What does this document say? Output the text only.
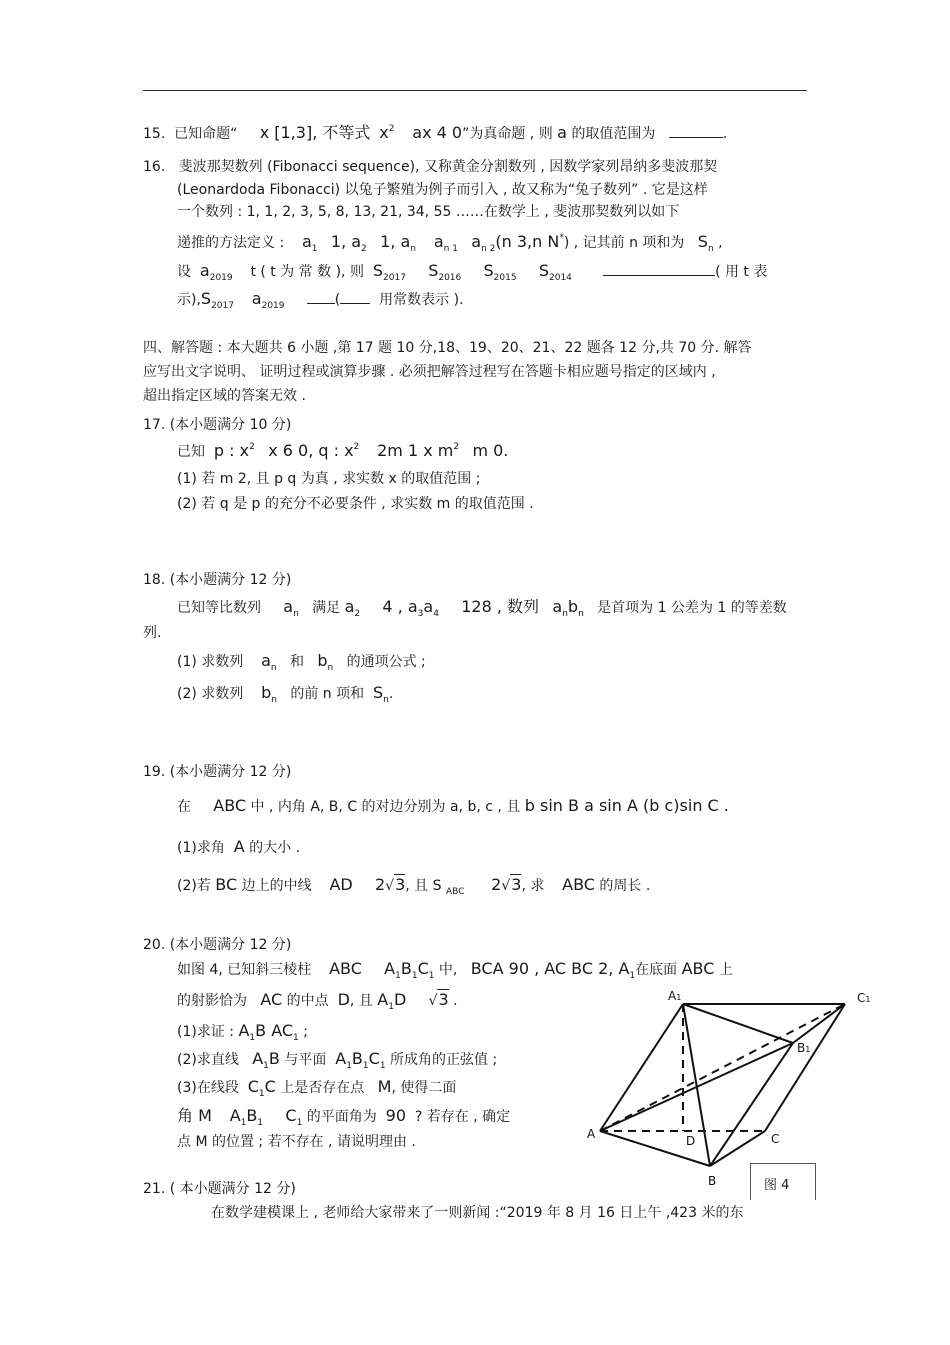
15. 已知命题“ x [1,3], 不等式 $x^2$ ax 4 0”为真命题 , 则 a 的取值范围为	.
16. 斐波那契数列 (Fibonacci sequence), 又称黄金分割数列 , 因数学家列昂纳多斐波那契
(Leonardoda Fibonacci) 以兔子繁殖为例子而引入 , 故又称为“兔子数列” . 它是这样
一个数列 : 1, 1, 2, 3, 5, 8, 13, 21, 34, 55 ……在数学上 , 斐波那契数列以如下
递推的方法定义 : $a_1$ 1, $a_2$ 1, $a_n$ $a_{n 1}$ $a_{n 2}(n$ 3,n N*) , 记其前 n 项和为 $S_n$ ,
设 $a_{2019}$ t ( t 为 常 数 ), 则 $S_{2017}$ $S_{2016}$ $S_{2015}$ $S_{2014}$	( 用 t 表
示)$,S_{2017}$ $a_{2019}$	(	用常数表示 ).
四、解答题 : 本大题共 6 小题 ,第 17 题 10 分,18、19、20、21、22 题各 12 分,共 70 分. 解答
应写出文字说明、 证明过程或演算步骤 . 必须把解答过程写在答题卡相应题号指定的区域内 ,
超出指定区域的答案无效 .
17. (本小题满分 10 分)
已知 p : $x^2$ x 6 0, q : $x^2$ 2m 1 x $m^2$ m 0.
(1) 若 m 2, 且 p q 为真 , 求实数 x 的取值范围 ;
(2) 若 q 是 p 的充分不必要条件 , 求实数 m 的取值范围 .
18. (本小题满分 12 分)
已知等比数列 $a_n$ 满足 $a_2$ 4 , $a_3a_4$ 128 , 数列 $a_nb_n$ 是首项为 1 公差为 1 的等差数
列.
(1) 求数列 $a_n$ 和 $b_n$ 的通项公式 ;
(2) 求数列 $b_n$ 的前 n 项和 $S_n$.
19. (本小题满分 12 分)
在 ABC 中 , 内角 A, B, C 的对边分别为 a, b, c , 且 b sin B a sin A (b c)sin C .
(1)求角 A 的大小 .
(2)若 BC 边上的中线 AD 2√3, 且 S $_{ABC}$ 2√3, 求 ABC 的周长 .
20. (本小题满分 12 分)
如图 4, 已知斜三棱柱 ABC $A_1B_1C_1$ 中, BCA 90 , AC BC 2, $A_1$在底面 ABC 上
的射影恰为 AC 的中点 D, 且 $A_1D$ √3 .
(1)求证 : $A_1B$ $AC_1$ ;
(2)求直线 $A_1B$ 与平面 $A_1B_1C_1$ 所成角的正弦值 ;
(3)在线段 $C_1C$ 上是否存在点 M, 使得二面
角 M $A_1B_1$ $C_1$ 的平面角为 90 ? 若存在 , 确定
点 M 的位置 ; 若不存在 , 请说明理由 .
A1	C1
B1
A	D	C
B	图 4
21. ( 本小题满分 12 分)
在数学建模课上 , 老师给大家带来了一则新闻 :“2019 年 8 月 16 日上午 ,423 米的东
